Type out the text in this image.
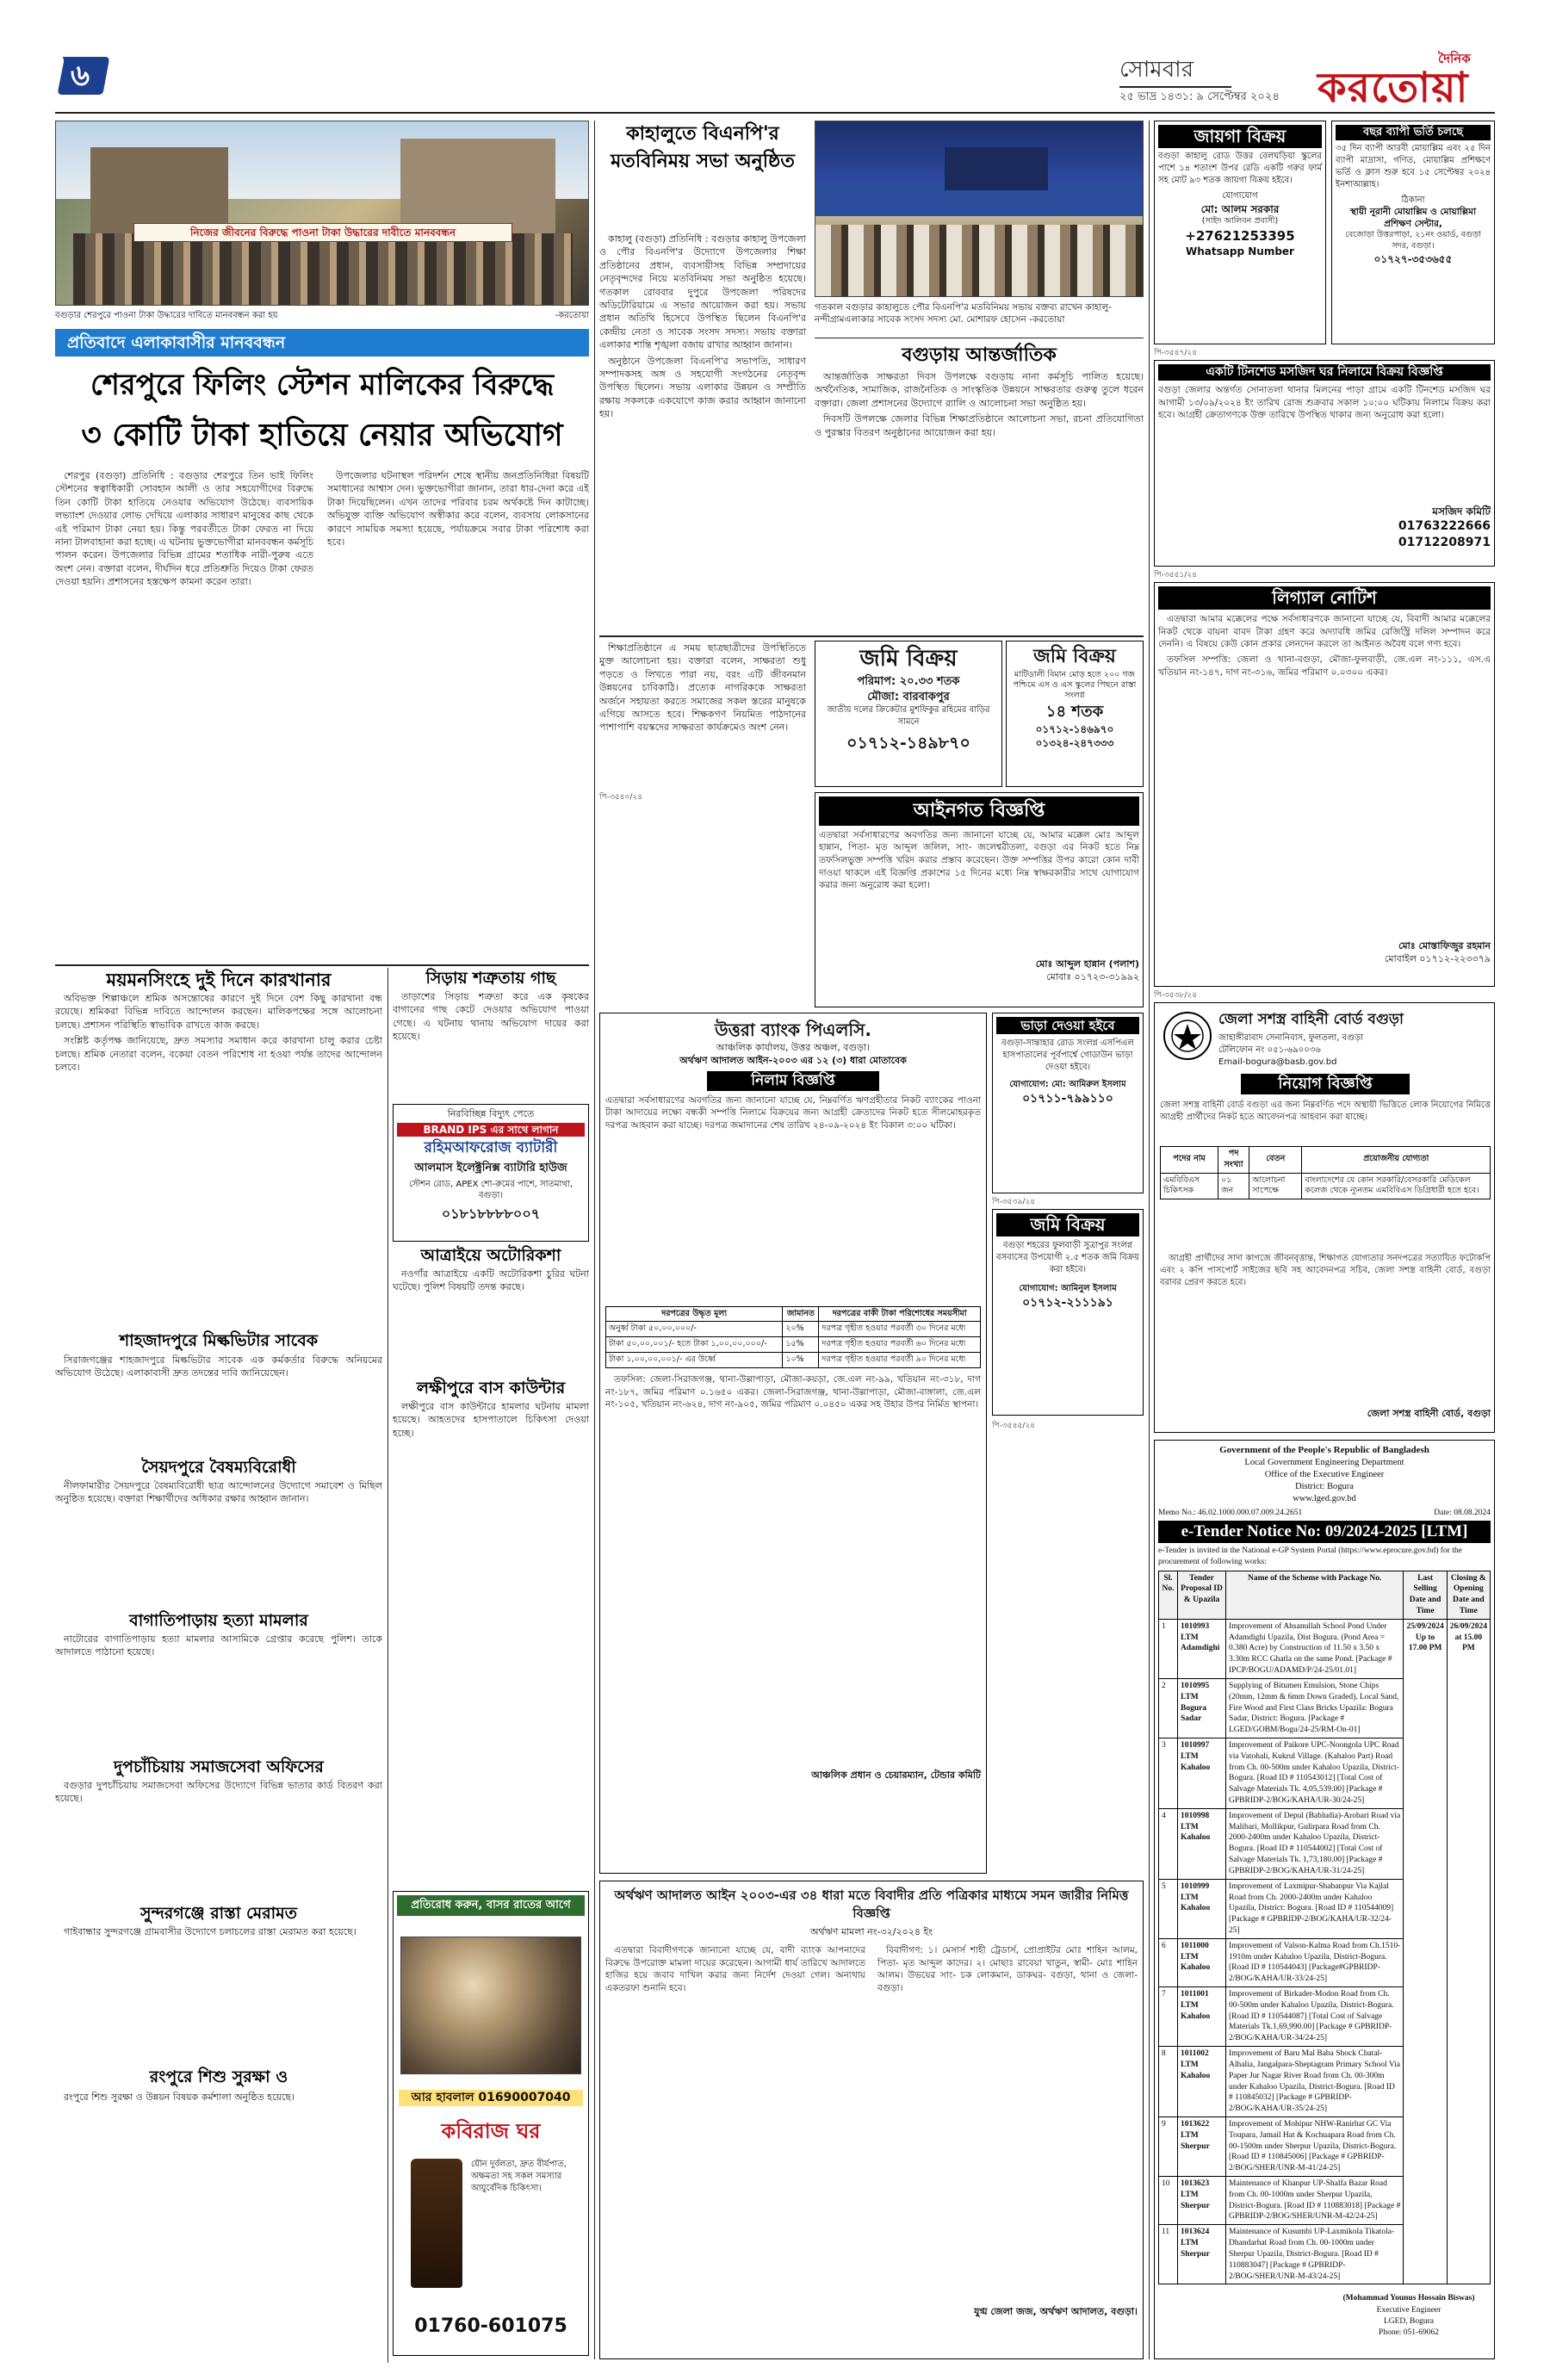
৬	সোমবার
২৫ ভাদ্র ১৪৩১: ৯ সেপ্টেম্বর ২০২৪
দৈনিক
করতোয়া
নিজের জীবনের বিরুদ্ধে পাওনা টাকা উদ্ধারের দাবীতে মানববন্ধন
বগুড়ার শেরপুরে পাওনা টাকা উদ্ধারের দাবিতে মানববন্ধন করা হয়	-করতোয়া
প্রতিবাদে এলাকাবাসীর মানববন্ধন
শেরপুরে ফিলিং স্টেশন মালিকের বিরুদ্ধে
৩ কোটি টাকা হাতিয়ে নেয়ার অভিযোগ

শেরপুর (বগুড়া) প্রতিনিধি : বগুড়ার শেরপুরে তিন ভাই ফিলিং স্টেশনের স্বত্বাধিকারী সোবহান আলী ও তার সহযোগীদের বিরুদ্ধে তিন কোটি টাকা হাতিয়ে নেওয়ার অভিযোগ উঠেছে। ব্যবসায়িক লভ্যাংশ দেওয়ার লোভ দেখিয়ে এলাকার সাধারণ মানুষের কাছ থেকে এই পরিমাণ টাকা নেয়া হয়। কিন্তু পরবর্তীতে টাকা ফেরত না দিয়ে নানা টালবাহানা করা হচ্ছে। এ ঘটনায় ভুক্তভোগীরা মানববন্ধন কর্মসূচি পালন করেন। উপজেলার বিভিন্ন গ্রামের শতাধিক নারী-পুরুষ এতে অংশ নেন। বক্তারা বলেন, দীর্ঘদিন ধরে প্রতিশ্রুতি দিয়েও টাকা ফেরত দেওয়া হয়নি। প্রশাসনের হস্তক্ষেপ কামনা করেন তারা।

উপজেলার ঘটনাস্থল পরিদর্শন শেষে স্থানীয় জনপ্রতিনিধিরা বিষয়টি সমাধানের আশ্বাস দেন। ভুক্তভোগীরা জানান, তারা ধার-দেনা করে এই টাকা দিয়েছিলেন। এখন তাদের পরিবার চরম অর্থকষ্টে দিন কাটাচ্ছে। অভিযুক্ত ব্যক্তি অভিযোগ অস্বীকার করে বলেন, ব্যবসায় লোকসানের কারণে সাময়িক সমস্যা হয়েছে, পর্যায়ক্রমে সবার টাকা পরিশোধ করা হবে।

ময়মনসিংহে দুই দিনে কারখানার

অবিভক্ত শিল্পাঞ্চলে শ্রমিক অসন্তোষের কারণে দুই দিনে বেশ কিছু কারখানা বন্ধ রয়েছে। শ্রমিকরা বিভিন্ন দাবিতে আন্দোলন করছেন। মালিকপক্ষের সঙ্গে আলোচনা চলছে। প্রশাসন পরিস্থিতি স্বাভাবিক রাখতে কাজ করছে।

সংশ্লিষ্ট কর্তৃপক্ষ জানিয়েছে, দ্রুত সমস্যার সমাধান করে কারখানা চালু করার চেষ্টা চলছে। শ্রমিক নেতারা বলেন, বকেয়া বেতন পরিশোধ না হওয়া পর্যন্ত তাদের আন্দোলন চলবে।

শাহজাদপুরে মিল্কভিটার সাবেক

সিরাজগঞ্জের শাহজাদপুরে মিল্কভিটার সাবেক এক কর্মকর্তার বিরুদ্ধে অনিয়মের অভিযোগ উঠেছে। এলাকাবাসী দ্রুত তদন্তের দাবি জানিয়েছেন।

সৈয়দপুরে বৈষম্যবিরোধী

নীলফামারীর সৈয়দপুরে বৈষম্যবিরোধী ছাত্র আন্দোলনের উদ্যোগে সমাবেশ ও মিছিল অনুষ্ঠিত হয়েছে। বক্তারা শিক্ষার্থীদের অধিকার রক্ষার আহ্বান জানান।

বাগাতিপাড়ায় হত্যা মামলার

নাটোরের বাগাতিপাড়ায় হত্যা মামলার আসামিকে গ্রেপ্তার করেছে পুলিশ। তাকে আদালতে পাঠানো হয়েছে।

দুপচাঁচিয়ায় সমাজসেবা অফিসের

বগুড়ার দুপচাঁচিয়ায় সমাজসেবা অফিসের উদ্যোগে বিভিন্ন ভাতার কার্ড বিতরণ করা হয়েছে।

সুন্দরগঞ্জে রাস্তা মেরামত

গাইবান্ধার সুন্দরগঞ্জে গ্রামবাসীর উদ্যোগে চলাচলের রাস্তা মেরামত করা হয়েছে।

রংপুরে শিশু সুরক্ষা ও

রংপুরে শিশু সুরক্ষা ও উন্নয়ন বিষয়ক কর্মশালা অনুষ্ঠিত হয়েছে।

সিড়ায় শত্রুতায় গাছ

তাড়াশের সিড়ায় শত্রুতা করে এক কৃষকের বাগানের গাছ কেটে দেওয়ার অভিযোগ পাওয়া গেছে। এ ঘটনায় থানায় অভিযোগ দায়ের করা হয়েছে।

নিরবিচ্ছিন্ন বিদ্যুৎ পেতে
BRAND IPS এর সাথে লাগান
রহিমআফরোজ ব্যাটারী
আলমাস ইলেক্ট্রনিক্স ব্যাটারি হাউজ
স্টেশন রোড, APEX শো-রুমের পাশে, সাতমাথা, বগুড়া।
০১৮১৮৮৮৮০০৭
আত্রাইয়ে অটোরিকশা

নওগাঁর আত্রাইয়ে একটি অটোরিকশা চুরির ঘটনা ঘটেছে। পুলিশ বিষয়টি তদন্ত করছে।

লক্ষীপুরে বাস কাউন্টার

লক্ষীপুরে বাস কাউন্টারে হামলার ঘটনায় মামলা হয়েছে। আহতদের হাসপাতালে চিকিৎসা দেওয়া হচ্ছে।

প্রতিরোধ করুন, বাসর রাতের আগে
আর হাবলাল 01690007040
কবিরাজ ঘর
যৌন দুর্বলতা, দ্রুত বীর্যপাত, অক্ষমতা সহ সকল সমস্যার আয়ুর্বেদিক চিকিৎসা।
01760-601075
কাহালুতে বিএনপি'র মতবিনিময় সভা অনুষ্ঠিত

কাহালু (বগুড়া) প্রতিনিধি : বগুড়ার কাহালু উপজেলা ও পৌর বিএনপি'র উদ্যোগে উপজেলার শিক্ষা প্রতিষ্ঠানের প্রধান, ব্যবসায়ীসহ বিভিন্ন সম্প্রদায়ের নেতৃবৃন্দদের নিয়ে মতবিনিময় সভা অনুষ্ঠিত হয়েছে। গতকাল রোববার দুপুরে উপজেলা পরিষদের অডিটোরিয়ামে এ সভার আয়োজন করা হয়। সভায় প্রধান অতিথি হিসেবে উপস্থিত ছিলেন বিএনপি'র কেন্দ্রীয় নেতা ও সাবেক সংসদ সদস্য। সভায় বক্তারা এলাকার শান্তি শৃঙ্খলা বজায় রাখার আহ্বান জানান।

অনুষ্ঠানে উপজেলা বিএনপি'র সভাপতি, সাধারণ সম্পাদকসহ অঙ্গ ও সহযোগী সংগঠনের নেতৃবৃন্দ উপস্থিত ছিলেন। সভায় এলাকার উন্নয়ন ও সম্প্রীতি রক্ষায় সকলকে একযোগে কাজ করার আহ্বান জানানো হয়।

গতকাল বগুড়ার কাহালুতে পৌর বিএনপি'র মতবিনিময় সভায় বক্তব্য রাখেন কাহালু-নন্দীগ্রামএলাকার সাবেক সংসদ সদস্য মো. মোশারফ হোসেন -করতোয়া
বগুড়ায় আন্তর্জাতিক

আন্তর্জাতিক সাক্ষরতা দিবস উপলক্ষে বগুড়ায় নানা কর্মসূচি পালিত হয়েছে। অর্থনৈতিক, সামাজিক, রাজনৈতিক ও সাংস্কৃতিক উন্নয়নে সাক্ষরতার গুরুত্ব তুলে ধরেন বক্তারা। জেলা প্রশাসনের উদ্যোগে র‍্যালি ও আলোচনা সভা অনুষ্ঠিত হয়।

দিবসটি উপলক্ষে জেলার বিভিন্ন শিক্ষাপ্রতিষ্ঠানে আলোচনা সভা, রচনা প্রতিযোগিতা ও পুরস্কার বিতরণ অনুষ্ঠানের আয়োজন করা হয়।

জমি বিক্রয়
পরিমাপ: ২০.৩৩ শতক
মৌজা: বারবাকপুর
জাতীয় দলের ক্রিকেটার মুশফিকুর রহিমের বাড়ির সামনে
০১৭১২-১৪৯৮৭০
জমি বিক্রয়
মাটিডালী বিমান মোড় হতে ২০০ গজ পশ্চিমে এস ও এস স্কুলের পিছনে রাস্তা সংলগ্ন
১৪ শতক
০১৭১২-১৪৬৯৭০
০১৩২৪-২৪৭৩৩৩
পি-৩৫৪০/২৪
আইনগত বিজ্ঞপ্তি
এতদ্বারা সর্বসাধারণের অবগতির জন্য জানানো যাচ্ছে যে, আমার মক্কেল মোঃ আব্দুল হান্নান, পিতা- মৃত আব্দুল জলিল, সাং- জলেশ্বরীতলা, বগুড়া এর নিকট হতে নিম্ন তফসিলভুক্ত সম্পত্তি খরিদ করার প্রস্তাব করেছেন। উক্ত সম্পত্তির উপর কারো কোন দাবী দাওয়া থাকলে এই বিজ্ঞপ্তি প্রকাশের ১৫ দিনের মধ্যে নিম্ন স্বাক্ষরকারীর সাথে যোগাযোগ করার জন্য অনুরোধ করা হলো।
মোঃ আব্দুল হান্নান (পলাশ)
মোবাঃ ০১৭২৩-৩১৯৯২

শিক্ষাপ্রতিষ্ঠানে এ সময় ছাত্রছাত্রীদের উপস্থিতিতে মুক্ত আলোচনা হয়। বক্তারা বলেন, সাক্ষরতা শুধু পড়তে ও লিখতে পারা নয়, বরং এটি জীবনমান উন্নয়নের চাবিকাঠি। প্রত্যেক নাগরিককে সাক্ষরতা অর্জনে সহায়তা করতে সমাজের সকল স্তরের মানুষকে এগিয়ে আসতে হবে। শিক্ষকগণ নিয়মিত পাঠদানের পাশাপাশি বয়স্কদের সাক্ষরতা কার্যক্রমেও অংশ নেন।

উত্তরা ব্যাংক পিএলসি.
আঞ্চলিক কার্যালয়, উত্তর অঞ্চল, বগুড়া।
অর্থঋণ আদালত আইন-২০০৩ এর ১২ (৩) ধারা মোতাবেক
নিলাম বিজ্ঞপ্তি
এতদ্বারা সর্বসাধারণের অবগতির জন্য জানানো যাচ্ছে যে, নিম্নবর্ণিত ঋণগ্রহীতার নিকট ব্যাংকের পাওনা টাকা আদায়ের লক্ষ্যে বন্ধকী সম্পত্তি নিলামে বিক্রয়ের জন্য আগ্রহী ক্রেতাদের নিকট হতে সীলমোহরকৃত দরপত্র আহবান করা যাচ্ছে। দরপত্র জমাদানের শেষ তারিখ ২৪-০৯-২০২৪ ইং বিকাল ৩:০০ ঘটিকা।
দরপত্রের উদ্ধৃত মূল্য	জামানত	দরপত্রের বাকী টাকা পরিশোধের সময়সীমা
অনুর্ধ্ব টাকা ৫০,০০,০০০/-	২০%	দরপত্র গৃহীত হওয়ার পরবর্তী ৩০ দিনের মধ্যে
টাকা ৫০,০০,০০১/- হতে টাকা ১,০০,০০,০০০/-	১৫%	দরপত্র গৃহীত হওয়ার পরবর্তী ৬০ দিনের মধ্যে
টাকা ১,০০,০০,০০১/- এর উর্ধ্বে	১০%	দরপত্র গৃহীত হওয়ার পরবর্তী ৯০ দিনের মধ্যে

তফসিল: জেলা-সিরাজগঞ্জ, থানা-উল্লাপাড়া, মৌজা-কয়ড়া, জে.এল নং-৯৯, খতিয়ান নং-৩১৮, দাগ নং-১৮৭, জমির পরিমাণ ০.১৬৫০ একর। জেলা-সিরাজগঞ্জ, থানা-উল্লাপাড়া, মৌজা-বাঙ্গালা, জে.এল নং-১০৫, খতিয়ান নং-৬২৪, দাগ নং-৯০৫, জমির পরিমাণ ০.০৪৫০ একর সহ উহার উপর নির্মিত স্থাপনা।

আঞ্চলিক প্রধান ও চেয়ারম্যান, টেন্ডার কমিটি
ভাড়া দেওয়া হইবে
বগুড়া-সান্তাহার রোড সংলগ্ন এসপিএল হাসপাতালের পূর্বপার্শ্বে গোডাউন ভাড়া দেওয়া হইবে।
যোগাযোগ: মো: আমিরুল ইসলাম
০১৭১১-৭৯৯১১০
পি-৩৫৩৯/২৪
জমি বিক্রয়
বগুড়া শহরের ফুলবাড়ী সুত্রাপুর সংলগ্ন বসবাসের উপযোগী ২.৫ শতক জমি বিক্রয় করা হইবে।
যোগাযোগ: আমিনুল ইসলাম
০১৭১২-২১১১৯১
পি-৩৫৪৫/২৪
অর্থঋণ আদালত আইন ২০০৩-এর ৩৪ ধারা মতে বিবাদীর প্রতি পত্রিকার মাধ্যমে সমন জারীর নিমিত্ত বিজ্ঞপ্তি
অর্থঋণ মামলা নং-৩২/২০২৪ ইং

এতদ্বারা বিবাদীগণকে জানানো যাচ্ছে যে, বাদী ব্যাংক আপনাদের বিরুদ্ধে উপরোক্ত মামলা দায়ের করেছেন। আগামী ধার্য তারিখে আদালতে হাজির হয়ে জবাব দাখিল করার জন্য নির্দেশ দেওয়া গেল। অন্যথায় একতরফা শুনানি হবে।

বিবাদীগণ: ১। মেসার্স শাহী ট্রেডার্স, প্রোপ্রাইটর মোঃ শাহিন আলম, পিতা- মৃত আব্দুল কাদের। ২। মোছাঃ রাবেয়া খাতুন, স্বামী- মোঃ শাহিন আলম। উভয়ের সাং- চক লোকমান, ডাকঘর- বগুড়া, থানা ও জেলা- বগুড়া।

যুগ্ম জেলা জজ, অর্থঋণ আদালত, বগুড়া।
জায়গা বিক্রয়
বগুড়া কাহালু রোড উত্তর বেলঘড়িয়া স্কুলের পাশে ১৪ শতাংশ উপর রেডি একটি গরুর ফার্ম সহ মোট ৯৩ শতক জায়গা বিক্রয় হইবে।
যোগাযোগ
মো: আলম সরকার
(সাইদ আলিবন প্রবাসী)
+27621253395
Whatsapp Number
বছর ব্যাপী ভর্তি চলছে
৩৫ দিন ব্যাপী আরবী মোয়াল্লিম এবং ২৫ দিন ব্যাপী মাদ্রাসা, গণিত, মোয়াল্লিম প্রশিক্ষণে ভর্তি ও ক্লাস শুরু হবে ১৫ সেপ্টেম্বর ২০২৪ ইনশাআল্লাহ।
ঠিকানা
স্থায়ী নূরানী মোয়াল্লিম ও মোয়াল্লিমা প্রশিক্ষণ সেন্টার,
বেজোড়া উত্তরপাড়া, ২১নং ওয়ার্ড, বগুড়া সদর, বগুড়া।
০১৭২৭-৩৫৩৬৫৫
পি-৩৫৪৭/২৪
একটি টিনশেড মসজিদ ঘর নিলামে বিক্রয় বিজ্ঞপ্তি
বগুড়া জেলার অন্তর্গত সোনাতলা থানার মিলনের পাড়া গ্রামে একটি টিনশেড মসজিদ ঘর আগামী ১৩/০৯/২০২৪ ইং তারিখ রোজ শুক্রবার সকাল ১০:০০ ঘটিকায় নিলামে বিক্রয় করা হবে। আগ্রহী ক্রেতাগণকে উক্ত তারিখে উপস্থিত থাকার জন্য অনুরোধ করা হলো।
মসজিদ কমিটি
01763222666
01712208971
পি-৩৫৫১/২৪
লিগ্যাল নোটিশ

এতদ্বারা আমার মক্কেলের পক্ষে সর্বসাধারণকে জানানো যাচ্ছে যে, বিবাদী আমার মক্কেলের নিকট থেকে বায়না বাবদ টাকা গ্রহণ করে অদ্যাবধি জমির রেজিস্ট্রি দলিল সম্পাদন করে দেননি। এ বিষয়ে কেউ কোন প্রকার লেনদেন করলে তা আইনত অবৈধ বলে গণ্য হবে।

তফসিল সম্পত্তি: জেলা ও থানা-বগুড়া, মৌজা-ফুলবাড়ী, জে.এল নং-১১১, এস.এ খতিয়ান নং-১৪৭, দাগ নং-৩১৬, জমির পরিমাণ ০.০৩০০ একর।

মোঃ মোস্তাফিজুর রহমান
মোবাইল ০১৭১২-২২৩৩৭৯
পি-৩৫৩৮/২৪
জেলা সশস্ত্র বাহিনী বোর্ড বগুড়া
জাহাঙ্গীরাবাদ সেনানিবাস, ফুলতলা, বগুড়া
টেলিফোন নং ০৫১-৬৯০০৩৬
Email-bogura@basb.gov.bd
নিয়োগ বিজ্ঞপ্তি
জেলা সশস্ত্র বাহিনী বোর্ড বগুড়া এর জন্য নিম্নবর্ণিত পদে অস্থায়ী ভিত্তিতে লোক নিয়োগের নিমিত্তে আগ্রহী প্রার্থীদের নিকট হতে আবেদনপত্র আহবান করা যাচ্ছে।
পদের নাম	পদ সংখ্যা	বেতন	প্রয়োজনীয় যোগ্যতা
এমবিবিএস চিকিৎসক	০১ জন	আলোচনা সাপেক্ষে	বাংলাদেশের যে কোন সরকারি/বেসরকারি মেডিকেল কলেজ থেকে ন্যূনতম এমবিবিএস ডিগ্রিধারী হতে হবে।

আগ্রহী প্রার্থীদের সাদা কাগজে জীবনবৃত্তান্ত, শিক্ষাগত যোগ্যতার সনদপত্রের সত্যায়িত ফটোকপি এবং ২ কপি পাসপোর্ট সাইজের ছবি সহ আবেদনপত্র সচিব, জেলা সশস্ত্র বাহিনী বোর্ড, বগুড়া বরাবর প্রেরণ করতে হবে।

জেলা সশস্ত্র বাহিনী বোর্ড, বগুড়া
Government of the People's Republic of Bangladesh
Local Government Engineering Department
Office of the Executive Engineer
District: Bogura
www.lged.gov.bd
Memo No.: 46.02.1000.000.07.009.24.2651	Date: 08.08.2024
e-Tender Notice No: 09/2024-2025 [LTM]
e-Tender is invited in the National e-GP System Portal (https://www.eprocure.gov.bd) for the procurement of following works:
Sl. No.	Tender Proposal ID & Upazila	Name of the Scheme with Package No.	Last Selling Date and Time	Closing & Opening Date and Time
1	1010993 LTM Adamdighi	Improvement of Ahsanullah School Pond Under Adamdighi Upazila, Dist Bogura. (Pond Area = 0.380 Acre) by Construction of 11.50 x 3.50 x 3.30m RCC Ghatla on the same Pond. [Package # IPCP/BOGU/ADAMD/P/24-25/01.01]	25/09/2024 Up to 17.00 PM	26/09/2024 at 15.00 PM
2	1010995 LTM Bogura Sadar	Supplying of Bitumen Emulsion, Stone Chips (20mm, 12mm & 6mm Down Graded), Local Sand, Fire Wood and First Class Bricks Upazila: Bogura Sadar, District: Bogura. [Package # LGED/GOBM/Bogu/24-25/RM-On-01]		
3	1010997 LTM Kahaloo	Improvement of Paikore UPC-Noongola UPC Road via Vatohali, Kukrul Village. (Kahaloo Part) Road from Ch. 00-500m under Kahaloo Upazila, District-Bogura. [Road ID # 110543012] [Total Cost of Salvage Materials Tk. 4,05,539.00] [Package # GPBRIDP-2/BOG/KAHA/UR-30/24-25]		
4	1010998 LTM Kahaloo	Improvement of Depul (Babludia)-Arobari Road via Malibari, Mollikpur, Gulirpara Road from Ch. 2000-2400m under Kahaloo Upazila, District-Bogura. [Road ID # 110544002] [Total Cost of Salvage Materials Tk. 1,73,180.00] [Package # GPBRIDP-2/BOG/KAHA/UR-31/24-25]		
5	1010999 LTM Kahaloo	Improvement of Laxmipur-Shabanpur Via Kajlal Road from Ch. 2000-2400m under Kahaloo Upazila, District: Bogura. [Road ID # 110544009] [Package # GPBRIDP-2/BOG/KAHA/UR-32/24-25]		
6	1011000 LTM Kahaloo	Improvement of Valson-Kalma Road from Ch.1510-1910m under Kahaloo Upazila, District-Bogura. [Road ID # 110544043] [Package#GPBRIDP-2/BOG/KAHA/UR-33/24-25]		
7	1011001 LTM Kahaloo	Improvement of Birkader-Modon Road from Ch. 00-500m under Kahaloo Upazila, District-Bogura. [Road ID # 110544087] [Total Cost of Salvage Materials Tk.1,69,990.00] [Package # GPBRIDP-2/BOG/KAHA/UR-34/24-25]		
8	1011002 LTM Kahaloo	Improvement of Baru Mal Baba Shock Chatal-Alhalia, Jangalpara-Sheptagram Primary School Via Paper Jur Nagar River Road from Ch. 00-300m under Kahaloo Upazila, District-Bogura. [Road ID # 110845032] [Package # GPBRIDP-2/BOG/KAHA/UR-35/24-25]		
9	1013622 LTM Sherpur	Improvement of Mohipur NHW-Ranirhat GC Via Toupara, Jamail Hat & Kochuapara Road from Ch. 00-1500m under Sherpur Upazila, District-Bogura. [Road ID # 110845006] [Package # GPBRIDP-2/BOG/SHER/UNR-M-41/24-25]		
10	1013623 LTM Sherpur	Maintenance of Khanpur UP-Shalfa Bazar Road from Ch. 00-1000m under Sherpur Upazila, District-Bogura. [Road ID # 110883018] [Package # GPBRIDP-2/BOG/SHER/UNR-M-42/24-25]		
11	1013624 LTM Sherpur	Maintenance of Kusumbi UP-Laxmikola Tikatola-Dhandarhat Road from Ch. 00-1000m under Sherpur Upazila, District-Bogura. [Road ID # 110883047] [Package # GPBRIDP-2/BOG/SHER/UNR-M-43/24-25]		
(Mohammad Younus Hossain Biswas)
Executive Engineer
LGED, Bogura
Phone: 051-69062
